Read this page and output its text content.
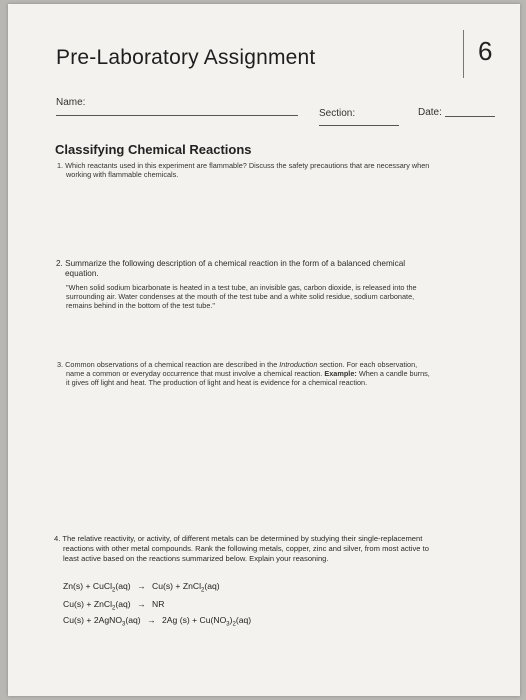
Pre-Laboratory Assignment	6
Name:
Section:	Date:
Classifying Chemical Reactions
1. Which reactants used in this experiment are flammable? Discuss the safety precautions that are necessary when
working with flammable chemicals.
2. Summarize the following description of a chemical reaction in the form of a balanced chemical
equation.
"When solid sodium bicarbonate is heated in a test tube, an invisible gas, carbon dioxide, is released into the
surrounding air. Water condenses at the mouth of the test tube and a white solid residue, sodium carbonate,
remains behind in the bottom of the test tube."
3. Common observations of a chemical reaction are described in the Introduction section. For each observation,
name a common or everyday occurrence that must involve a chemical reaction. Example: When a candle burns,
it gives off light and heat. The production of light and heat is evidence for a chemical reaction.
4. The relative reactivity, or activity, of different metals can be determined by studying their single-replacement
reactions with other metal compounds. Rank the following metals, copper, zinc and silver, from most active to
least active based on the reactions summarized below. Explain your reasoning.
Zn(s) + CuCl$_2$(aq) → Cu(s) + ZnCl$_2$(aq)
Cu(s) + ZnCl$_2$(aq) → NR
Cu(s) + 2AgNO$_3$(aq) → 2Ag $(s) + Cu(NO_3)_2(aq)$
